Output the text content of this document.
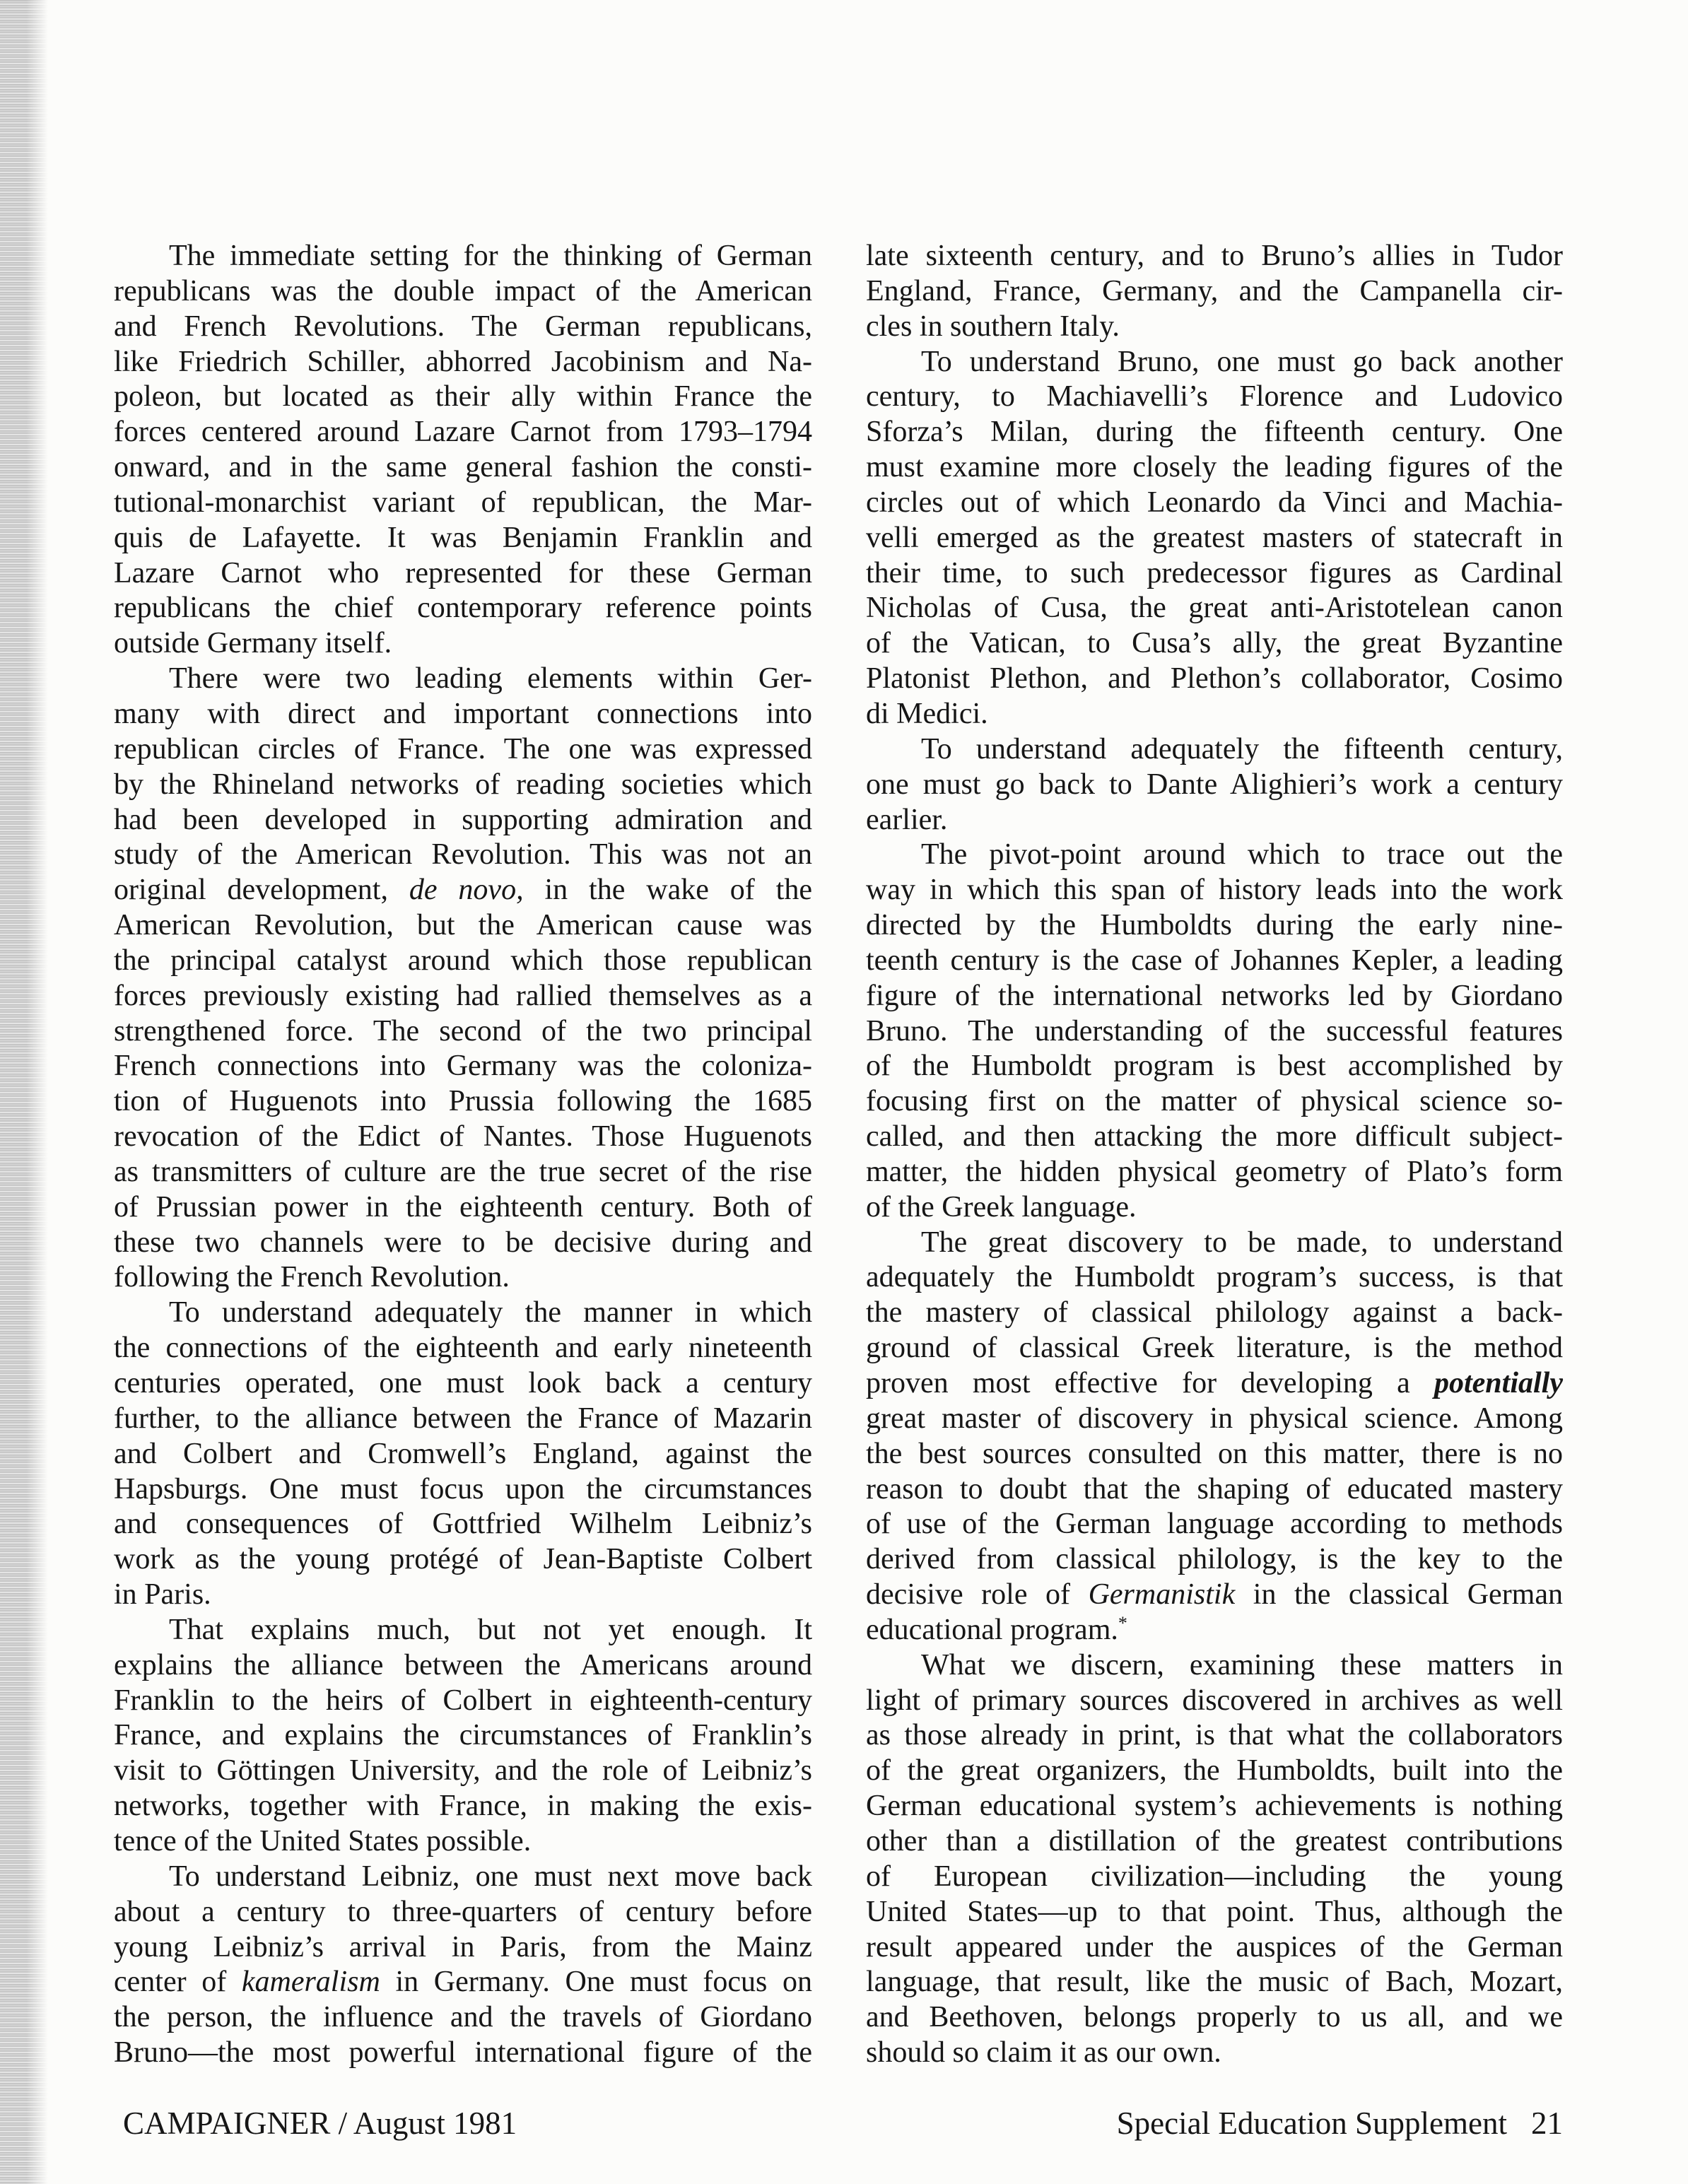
The immediate setting for the thinking of German
republicans was the double impact of the American
and French Revolutions. The German republicans,
like Friedrich Schiller, abhorred Jacobinism and Na-
poleon, but located as their ally within France the
forces centered around Lazare Carnot from 1793–1794
onward, and in the same general fashion the consti-
tutional-monarchist variant of republican, the Mar-
quis de Lafayette. It was Benjamin Franklin and
Lazare Carnot who represented for these German
republicans the chief contemporary reference points
outside Germany itself.
There were two leading elements within Ger-
many with direct and important connections into
republican circles of France. The one was expressed
by the Rhineland networks of reading societies which
had been developed in supporting admiration and
study of the American Revolution. This was not an
original development, de novo, in the wake of the
American Revolution, but the American cause was
the principal catalyst around which those republican
forces previously existing had rallied themselves as a
strengthened force. The second of the two principal
French connections into Germany was the coloniza-
tion of Huguenots into Prussia following the 1685
revocation of the Edict of Nantes. Those Huguenots
as transmitters of culture are the true secret of the rise
of Prussian power in the eighteenth century. Both of
these two channels were to be decisive during and
following the French Revolution.
To understand adequately the manner in which
the connections of the eighteenth and early nineteenth
centuries operated, one must look back a century
further, to the alliance between the France of Mazarin
and Colbert and Cromwell’s England, against the
Hapsburgs. One must focus upon the circumstances
and consequences of Gottfried Wilhelm Leibniz’s
work as the young protégé of Jean-Baptiste Colbert
in Paris.
That explains much, but not yet enough. It
explains the alliance between the Americans around
Franklin to the heirs of Colbert in eighteenth-century
France, and explains the circumstances of Franklin’s
visit to Göttingen University, and the role of Leibniz’s
networks, together with France, in making the exis-
tence of the United States possible.
To understand Leibniz, one must next move back
about a century to three-quarters of century before
young Leibniz’s arrival in Paris, from the Mainz
center of kameralism in Germany. One must focus on
the person, the influence and the travels of Giordano
Bruno—the most powerful international figure of the
late sixteenth century, and to Bruno’s allies in Tudor
England, France, Germany, and the Campanella cir-
cles in southern Italy.
To understand Bruno, one must go back another
century, to Machiavelli’s Florence and Ludovico
Sforza’s Milan, during the fifteenth century. One
must examine more closely the leading figures of the
circles out of which Leonardo da Vinci and Machia-
velli emerged as the greatest masters of statecraft in
their time, to such predecessor figures as Cardinal
Nicholas of Cusa, the great anti-Aristotelean canon
of the Vatican, to Cusa’s ally, the great Byzantine
Platonist Plethon, and Plethon’s collaborator, Cosimo
di Medici.
To understand adequately the fifteenth century,
one must go back to Dante Alighieri’s work a century
earlier.
The pivot-point around which to trace out the
way in which this span of history leads into the work
directed by the Humboldts during the early nine-
teenth century is the case of Johannes Kepler, a leading
figure of the international networks led by Giordano
Bruno. The understanding of the successful features
of the Humboldt program is best accomplished by
focusing first on the matter of physical science so-
called, and then attacking the more difficult subject-
matter, the hidden physical geometry of Plato’s form
of the Greek language.
The great discovery to be made, to understand
adequately the Humboldt program’s success, is that
the mastery of classical philology against a back-
ground of classical Greek literature, is the method
proven most effective for developing a potentially
great master of discovery in physical science. Among
the best sources consulted on this matter, there is no
reason to doubt that the shaping of educated mastery
of use of the German language according to methods
derived from classical philology, is the key to the
decisive role of Germanistik in the classical German
educational program.*
What we discern, examining these matters in
light of primary sources discovered in archives as well
as those already in print, is that what the collaborators
of the great organizers, the Humboldts, built into the
German educational system’s achievements is nothing
other than a distillation of the greatest contributions
of European civilization—including the young
United States—up to that point. Thus, although the
result appeared under the auspices of the German
language, that result, like the music of Bach, Mozart,
and Beethoven, belongs properly to us all, and we
should so claim it as our own.
CAMPAIGNER / August 1981	Special Education Supplement 21
